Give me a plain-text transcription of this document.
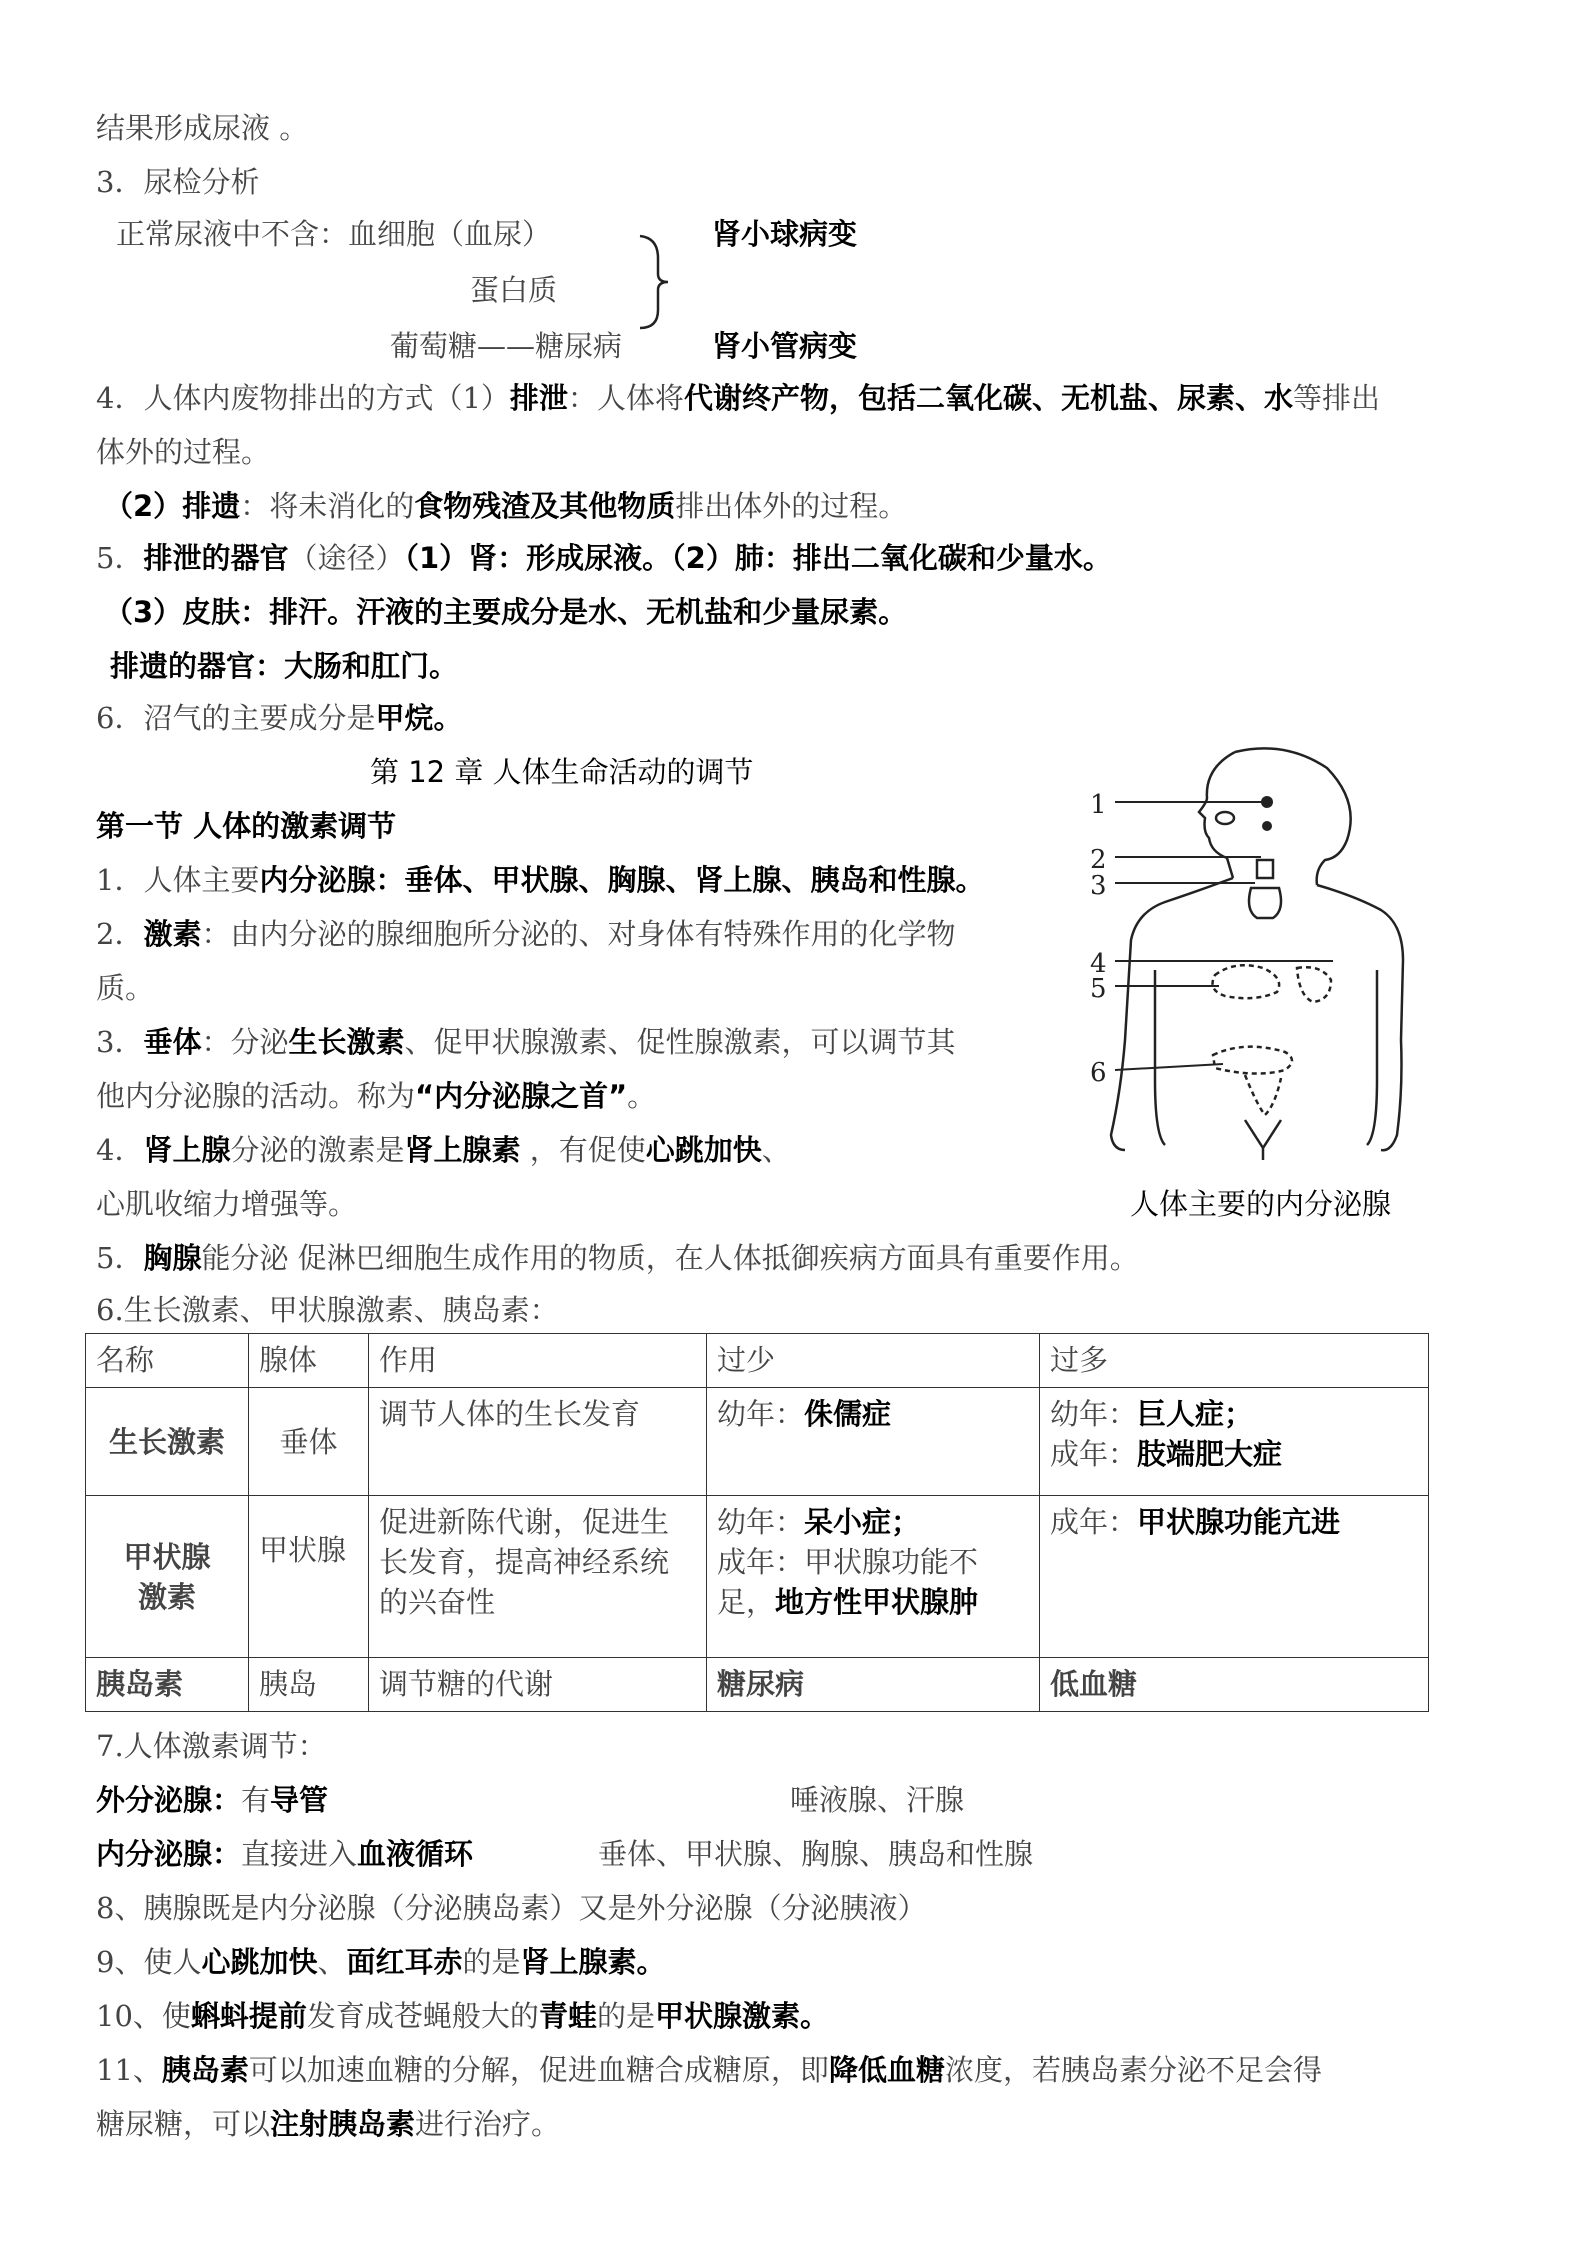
结果形成尿液 。
3．尿检分析
正常尿液中不含：血细胞（血尿）
蛋白质
葡萄糖——糖尿病
肾小球病变
肾小管病变
4．人体内废物排出的方式（1）排泄：人体将代谢终产物，包括二氧化碳、无机盐、尿素、水等排出
体外的过程。
（2）排遗：将未消化的食物残渣及其他物质排出体外的过程。
5．排泄的器官（途径）（1）肾：形成尿液。（2）肺：排出二氧化碳和少量水。
（3）皮肤：排汗。汗液的主要成分是水、无机盐和少量尿素。
排遗的器官：大肠和肛门。
6．沼气的主要成分是甲烷。
第 12 章 人体生命活动的调节
第一节 人体的激素调节
1．人体主要内分泌腺：垂体、甲状腺、胸腺、肾上腺、胰岛和性腺。
2．激素：由内分泌的腺细胞所分泌的、对身体有特殊作用的化学物
质。
3．垂体：分泌生长激素、促甲状腺激素、促性腺激素，可以调节其
他内分泌腺的活动。称为“内分泌腺之首”。
4．肾上腺分泌的激素是肾上腺素 ，有促使心跳加快、
心肌收缩力增强等。
1
2
3
4
5
6
人体主要的内分泌腺
5．胸腺能分泌 促淋巴细胞生成作用的物质，在人体抵御疾病方面具有重要作用。
6.生长激素、甲状腺激素、胰岛素：
名称	腺体	作用	过少	过多
生长激素	垂体	调节人体的生长发育	幼年：侏儒症	幼年：巨人症；
成年：肢端肥大症
甲状腺激素	甲状腺	促进新陈代谢，促进生长发育，提高神经系统的兴奋性	幼年：呆小症；
成年：甲状腺功能不足，地方性甲状腺肿	成年：甲状腺功能亢进
胰岛素	胰岛	调节糖的代谢	糖尿病	低血糖
7.人体激素调节：
外分泌腺：有导管	唾液腺、汗腺
内分泌腺：直接进入血液循环	垂体、甲状腺、胸腺、胰岛和性腺
8、胰腺既是内分泌腺（分泌胰岛素）又是外分泌腺（分泌胰液）
9、使人心跳加快、面红耳赤的是肾上腺素。
10、使蝌蚪提前发育成苍蝇般大的青蛙的是甲状腺激素。
11、胰岛素可以加速血糖的分解，促进血糖合成糖原，即降低血糖浓度，若胰岛素分泌不足会得
糖尿糖，可以注射胰岛素进行治疗。
